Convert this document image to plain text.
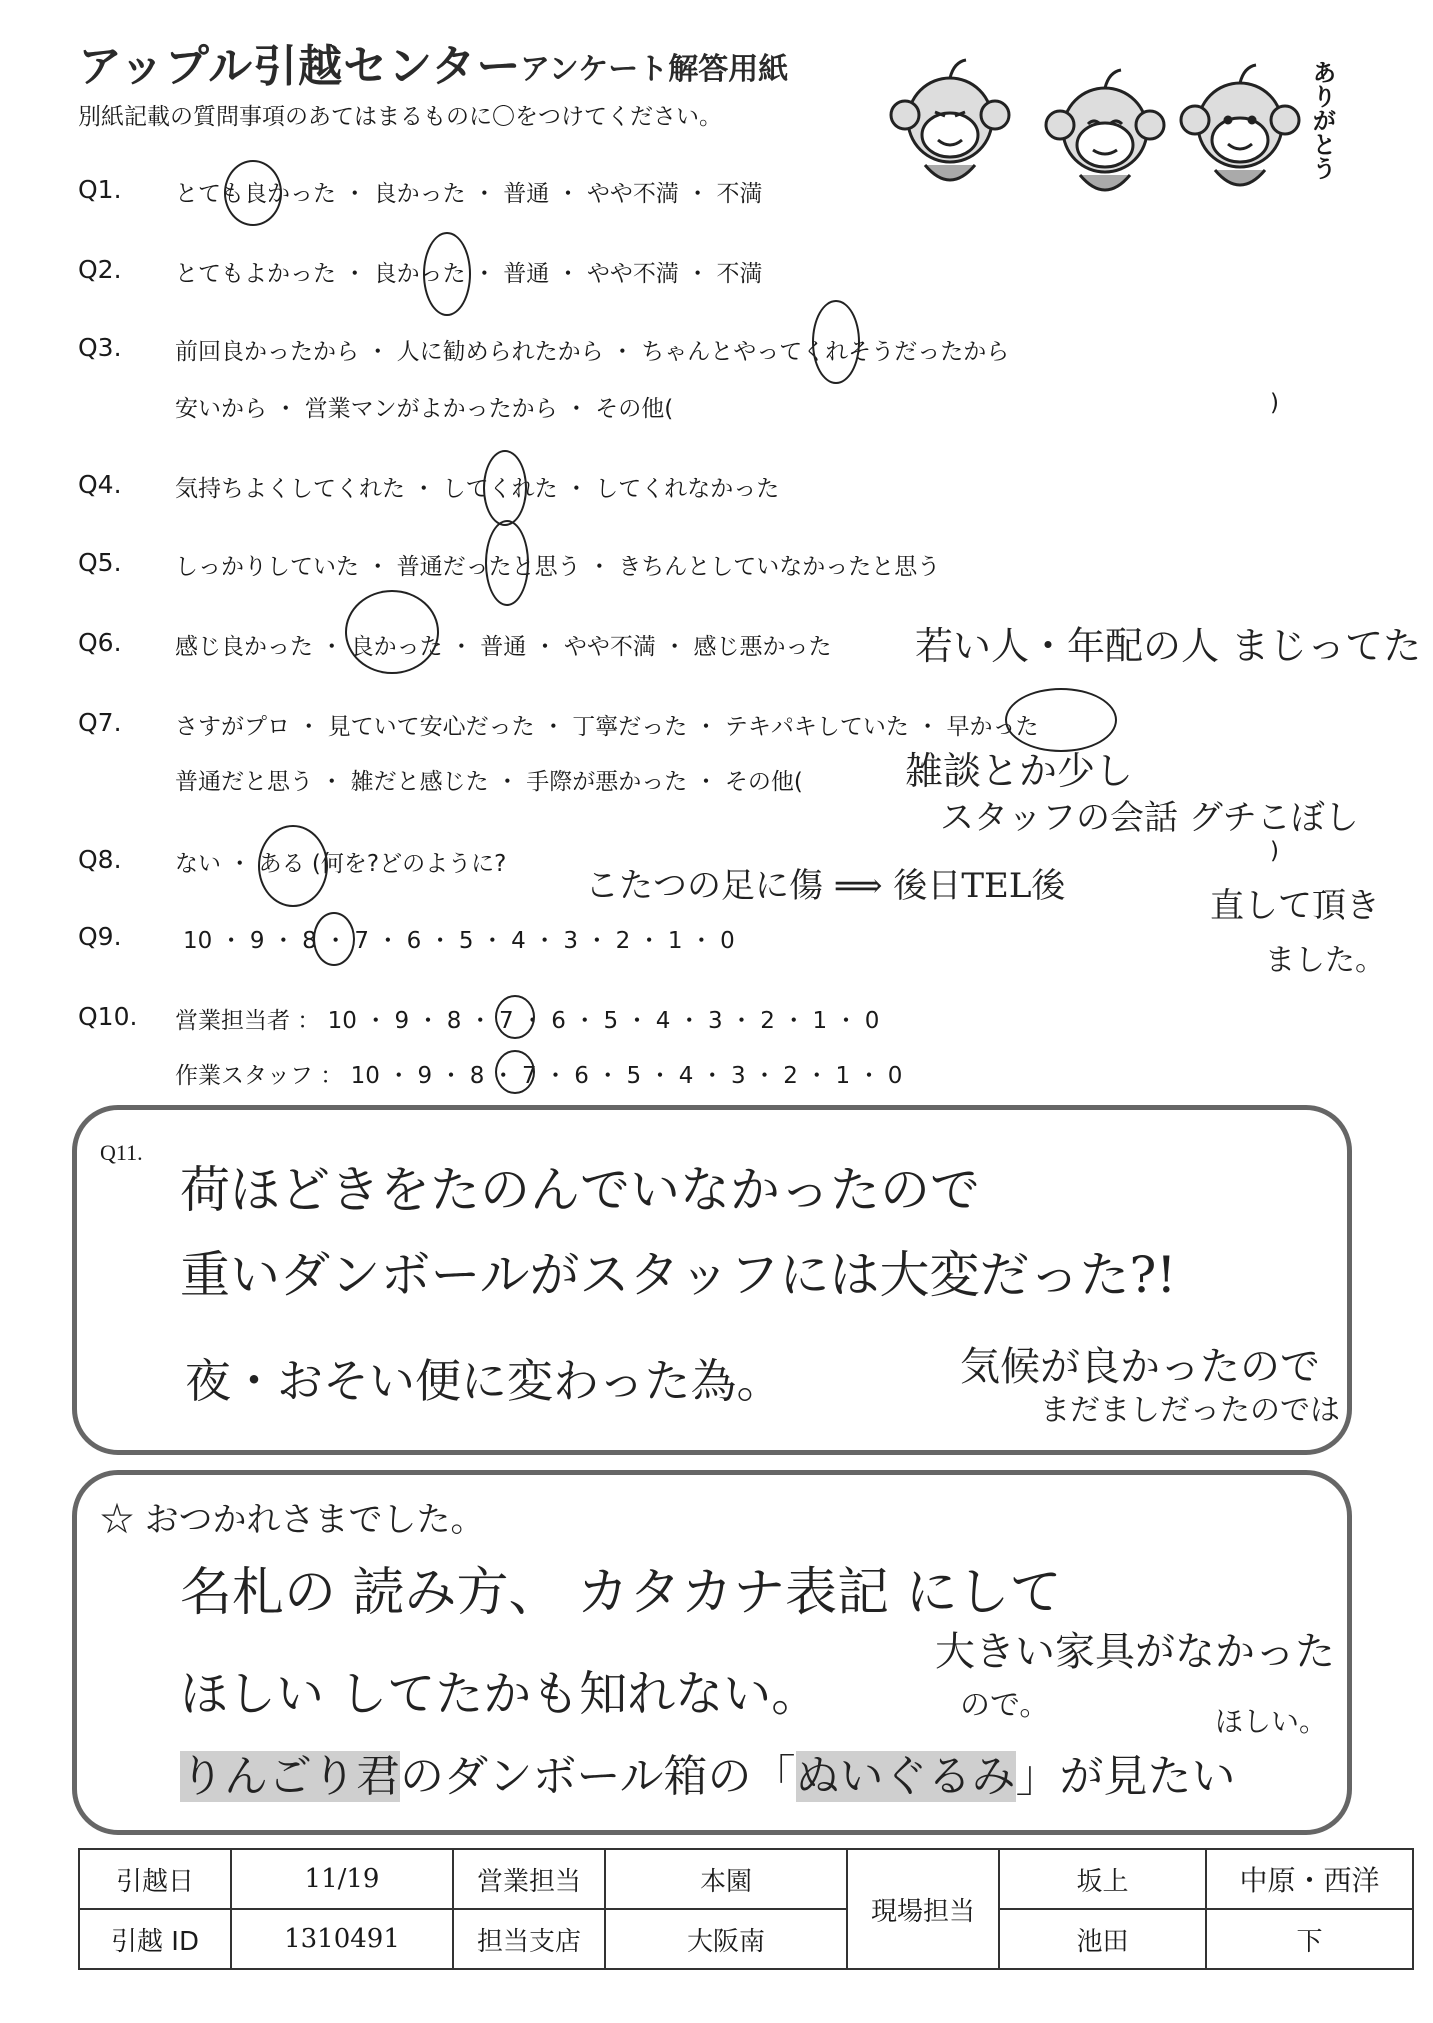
アップル引越センター
アンケート解答用紙
別紙記載の質問事項のあてはまるものに〇をつけてください。	ありがとう
Q1. とても良かった ・ 良かった ・ 普通 ・ やや不満 ・ 不満
Q2. とてもよかった ・ 良かった ・ 普通 ・ やや不満 ・ 不満
Q3. 前回良かったから ・ 人に勧められたから ・ ちゃんとやってくれそうだったから
安いから ・ 営業マンがよかったから ・ その他(	)
Q4. 気持ちよくしてくれた ・ してくれた ・ してくれなかった
Q5. しっかりしていた ・ 普通だったと思う ・ きちんとしていなかったと思う
Q6. 感じ良かった ・ 良かった ・ 普通 ・ やや不満 ・ 感じ悪かった
Q7. さすがプロ ・ 見ていて安心だった ・ 丁寧だった ・ テキパキしていた ・ 早かった
普通だと思う ・ 雑だと感じた ・ 手際が悪かった ・ その他(
)
Q8. ない ・ ある (何を?どのように?
Q9.	10 ・ 9 ・ 8 ・ 7 ・ 6 ・ 5 ・ 4 ・ 3 ・ 2 ・ 1 ・ 0
Q10. 営業担当者 ： 10 ・ 9 ・ 8 ・ 7 ・ 6 ・ 5 ・ 4 ・ 3 ・ 2 ・ 1 ・ 0
作業スタッフ ： 10 ・ 9 ・ 8 ・ 7 ・ 6 ・ 5 ・ 4 ・ 3 ・ 2 ・ 1 ・ 0
若い人・年配の人 まじってた
雑談とか少し
スタッフの会話 グチこぼし
こたつの足に傷 ⟹ 後日TEL後	直して頂き
ました。
Q11.
荷ほどきをたのんでいなかったので
重いダンボールがスタッフには大変だった?!
夜・おそい便に変わった為。	気候が良かったので
まだましだったのでは
☆ おつかれさまでした。
名札の 読み方、 カタカナ表記 にして
ほしい してたかも知れない。
大きい家具がなかった
ので。
りんごり君のダンボール箱の「ぬいぐるみ」が見たい
ほしい。
引越日	11/19	営業担当	本園	現場担当	坂上	中原・西洋
引越 ID	1310491	担当支店	大阪南		池田	下
